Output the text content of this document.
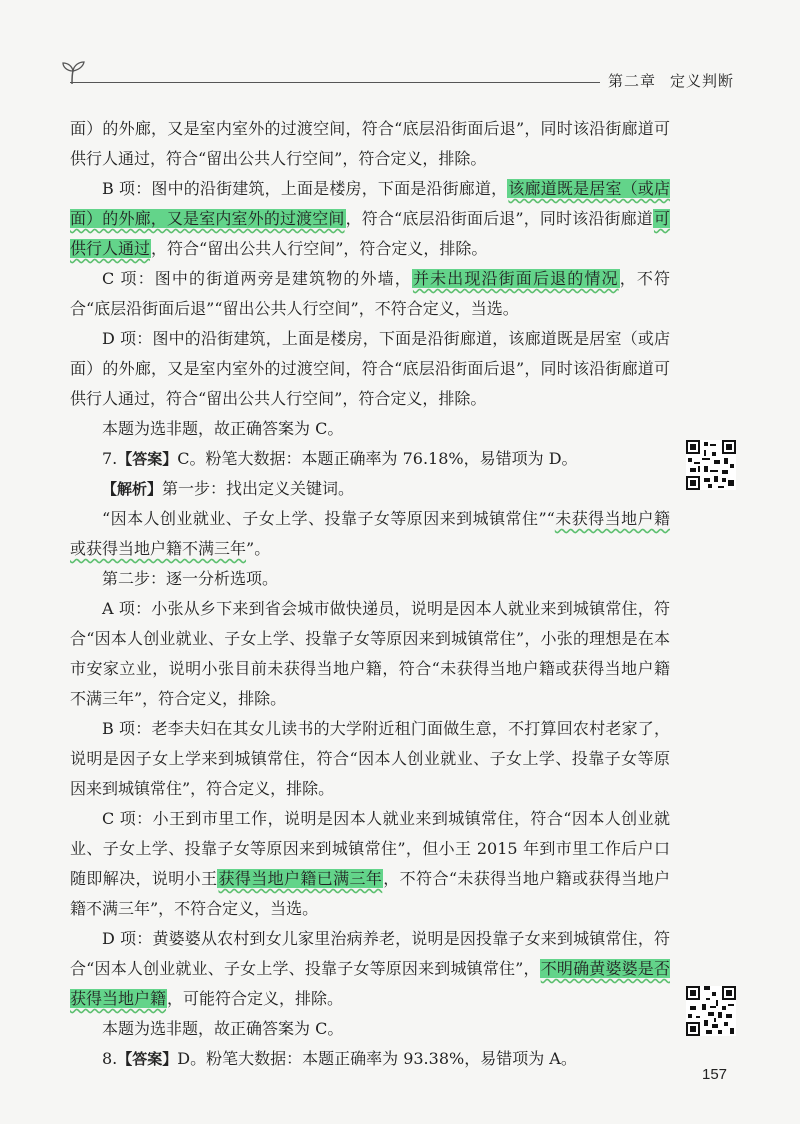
第二章 定义判断

面）的外廊，又是室内室外的过渡空间，符合“底层沿街面后退”，同时该沿街廊道可供行人通过，符合“留出公共人行空间”，符合定义，排除。

B 项：图中的沿街建筑，上面是楼房，下面是沿街廊道，该廊道既是居室（或店面）的外廊，又是室内室外的过渡空间，符合“底层沿街面后退”，同时该沿街廊道可供行人通过，符合“留出公共人行空间”，符合定义，排除。

C 项：图中的街道两旁是建筑物的外墙，并未出现沿街面后退的情况，不符合“底层沿街面后退”“留出公共人行空间”，不符合定义，当选。

D 项：图中的沿街建筑，上面是楼房，下面是沿街廊道，该廊道既是居室（或店面）的外廊，又是室内室外的过渡空间，符合“底层沿街面后退”，同时该沿街廊道可供行人通过，符合“留出公共人行空间”，符合定义，排除。

本题为选非题，故正确答案为 C。

7.【答案】C。粉笔大数据：本题正确率为 76.18%，易错项为 D。

【解析】第一步：找出定义关键词。

“因本人创业就业、子女上学、投靠子女等原因来到城镇常住”“未获得当地户籍或获得当地户籍不满三年”。

第二步：逐一分析选项。

A 项：小张从乡下来到省会城市做快递员，说明是因本人就业来到城镇常住，符合“因本人创业就业、子女上学、投靠子女等原因来到城镇常住”，小张的理想是在本市安家立业，说明小张目前未获得当地户籍，符合“未获得当地户籍或获得当地户籍不满三年”，符合定义，排除。

B 项：老李夫妇在其女儿读书的大学附近租门面做生意，不打算回农村老家了，说明是因子女上学来到城镇常住，符合“因本人创业就业、子女上学、投靠子女等原因来到城镇常住”，符合定义，排除。

C 项：小王到市里工作，说明是因本人就业来到城镇常住，符合“因本人创业就业、子女上学、投靠子女等原因来到城镇常住”，但小王 2015 年到市里工作后户口随即解决，说明小王获得当地户籍已满三年，不符合“未获得当地户籍或获得当地户籍不满三年”，不符合定义，当选。

D 项：黄婆婆从农村到女儿家里治病养老，说明是因投靠子女来到城镇常住，符合“因本人创业就业、子女上学、投靠子女等原因来到城镇常住”，不明确黄婆婆是否获得当地户籍，可能符合定义，排除。

本题为选非题，故正确答案为 C。

8.【答案】D。粉笔大数据：本题正确率为 93.38%，易错项为 A。

157
